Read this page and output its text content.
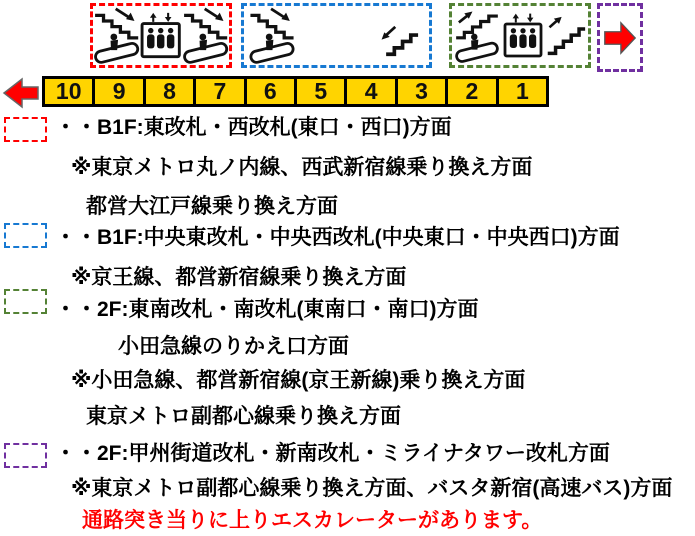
10	9	8	7	6	5	4	3	2	1
・・B1F:東改札・西改札(東口・西口)方面
※東京メトロ丸ノ内線、西武新宿線乗り換え方面
都営大江戸線乗り換え方面
・・B1F:中央東改札・中央西改札(中央東口・中央西口)方面
※京王線、都営新宿線乗り換え方面
・・2F:東南改札・南改札(東南口・南口)方面
小田急線のりかえ口方面
※小田急線、都営新宿線(京王新線)乗り換え方面
東京メトロ副都心線乗り換え方面
・・2F:甲州街道改札・新南改札・ミライナタワー改札方面
※東京メトロ副都心線乗り換え方面、バスタ新宿(高速バス)方面
通路突き当りに上りエスカレーターがあります。
